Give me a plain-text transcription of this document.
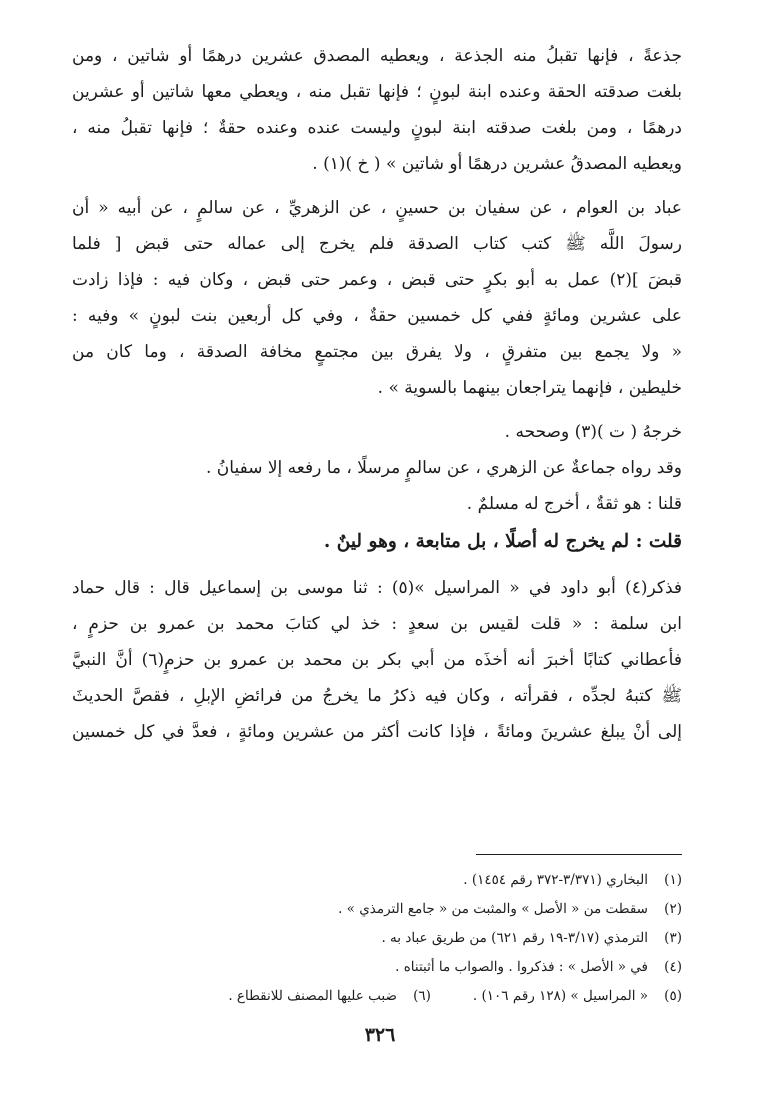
جذعةً ، فإنها تقبلُ منه الجذعة ، ويعطيه المصدق عشرين درهمًا أو شاتين ، ومن
بلغت صدقته الحقة وعنده ابنة لبونٍ ؛ فإنها تقبل منه ، ويعطي معها شاتين أو عشرين
درهمًا ، ومن بلغت صدقته ابنة لبونٍ وليست عنده وعنده حقةٌ ؛ فإنها تقبلُ منه ،
ويعطيه المصدقُ عشرين درهمًا أو شاتين » ( خ )(١) .
عباد بن العوام ، عن سفيان بن حسينٍ ، عن الزهريِّ ، عن سالمٍ ، عن أبيه « أن
رسولَ اللَّه ﷺ كتب كتاب الصدقة فلم يخرج إلى عماله حتى قبض [ فلما
قبضَ ](٢) عمل به أبو بكرٍ حتى قبض ، وعمر حتى قبض ، وكان فيه : فإذا زادت
على عشرين ومائةٍ ففي كل خمسين حقةٌ ، وفي كل أربعين بنت لبونٍ » وفيه :
« ولا يجمع بين متفرقٍ ، ولا يفرق بين مجتمعٍ مخافة الصدقة ، وما كان من
خليطين ، فإنهما يتراجعان بينهما بالسوية » .
خرجهُ ( ت )(٣) وصححه .
وقد رواه جماعةٌ عن الزهري ، عن سالمٍ مرسلًا ، ما رفعه إلا سفيانُ .
قلنا : هو ثقةٌ ، أخرج له مسلمٌ .
قلت : لم يخرج له أصلًا ، بل متابعة ، وهو لينٌ .
فذكر(٤) أبو داود في « المراسيل »(٥) : ثنا موسى بن إسماعيل قال : قال حماد
ابن سلمة : « قلت لقيس بن سعدٍ : خذ لي كتابَ محمد بن عمرو بن حزمٍ ،
فأعطاني كتابًا أخبرَ أنه أخذَه من أبي بكر بن محمد بن عمرو بن حزمٍ(٦) أنَّ النبيَّ
ﷺ كتبهُ لجدِّه ، فقرأته ، وكان فيه ذكرُ ما يخرجُ من فرائضِ الإبلِ ، فقصَّ الحديثَ
إلى أنْ يبلغ عشرينَ ومائةً ، فإذا كانت أكثر من عشرين ومائةٍ ، فعدَّ في كل خمسين
(١)
البخاري (٣/٣٧١-٣٧٢ رقم ١٤٥٤) .
(٢)
سقطت من « الأصل » والمثبت من « جامع الترمذي » .
(٣)
الترمذي (٣/١٧-١٩ رقم ٦٢١) من طريق عباد به .
(٤)
في « الأصل » : فذكروا . والصواب ما أثبتناه .
(٥)
« المراسيل » (١٢٨ رقم ١٠٦) .
(٦)
ضبب عليها المصنف للانقطاع .
٣٢٦
